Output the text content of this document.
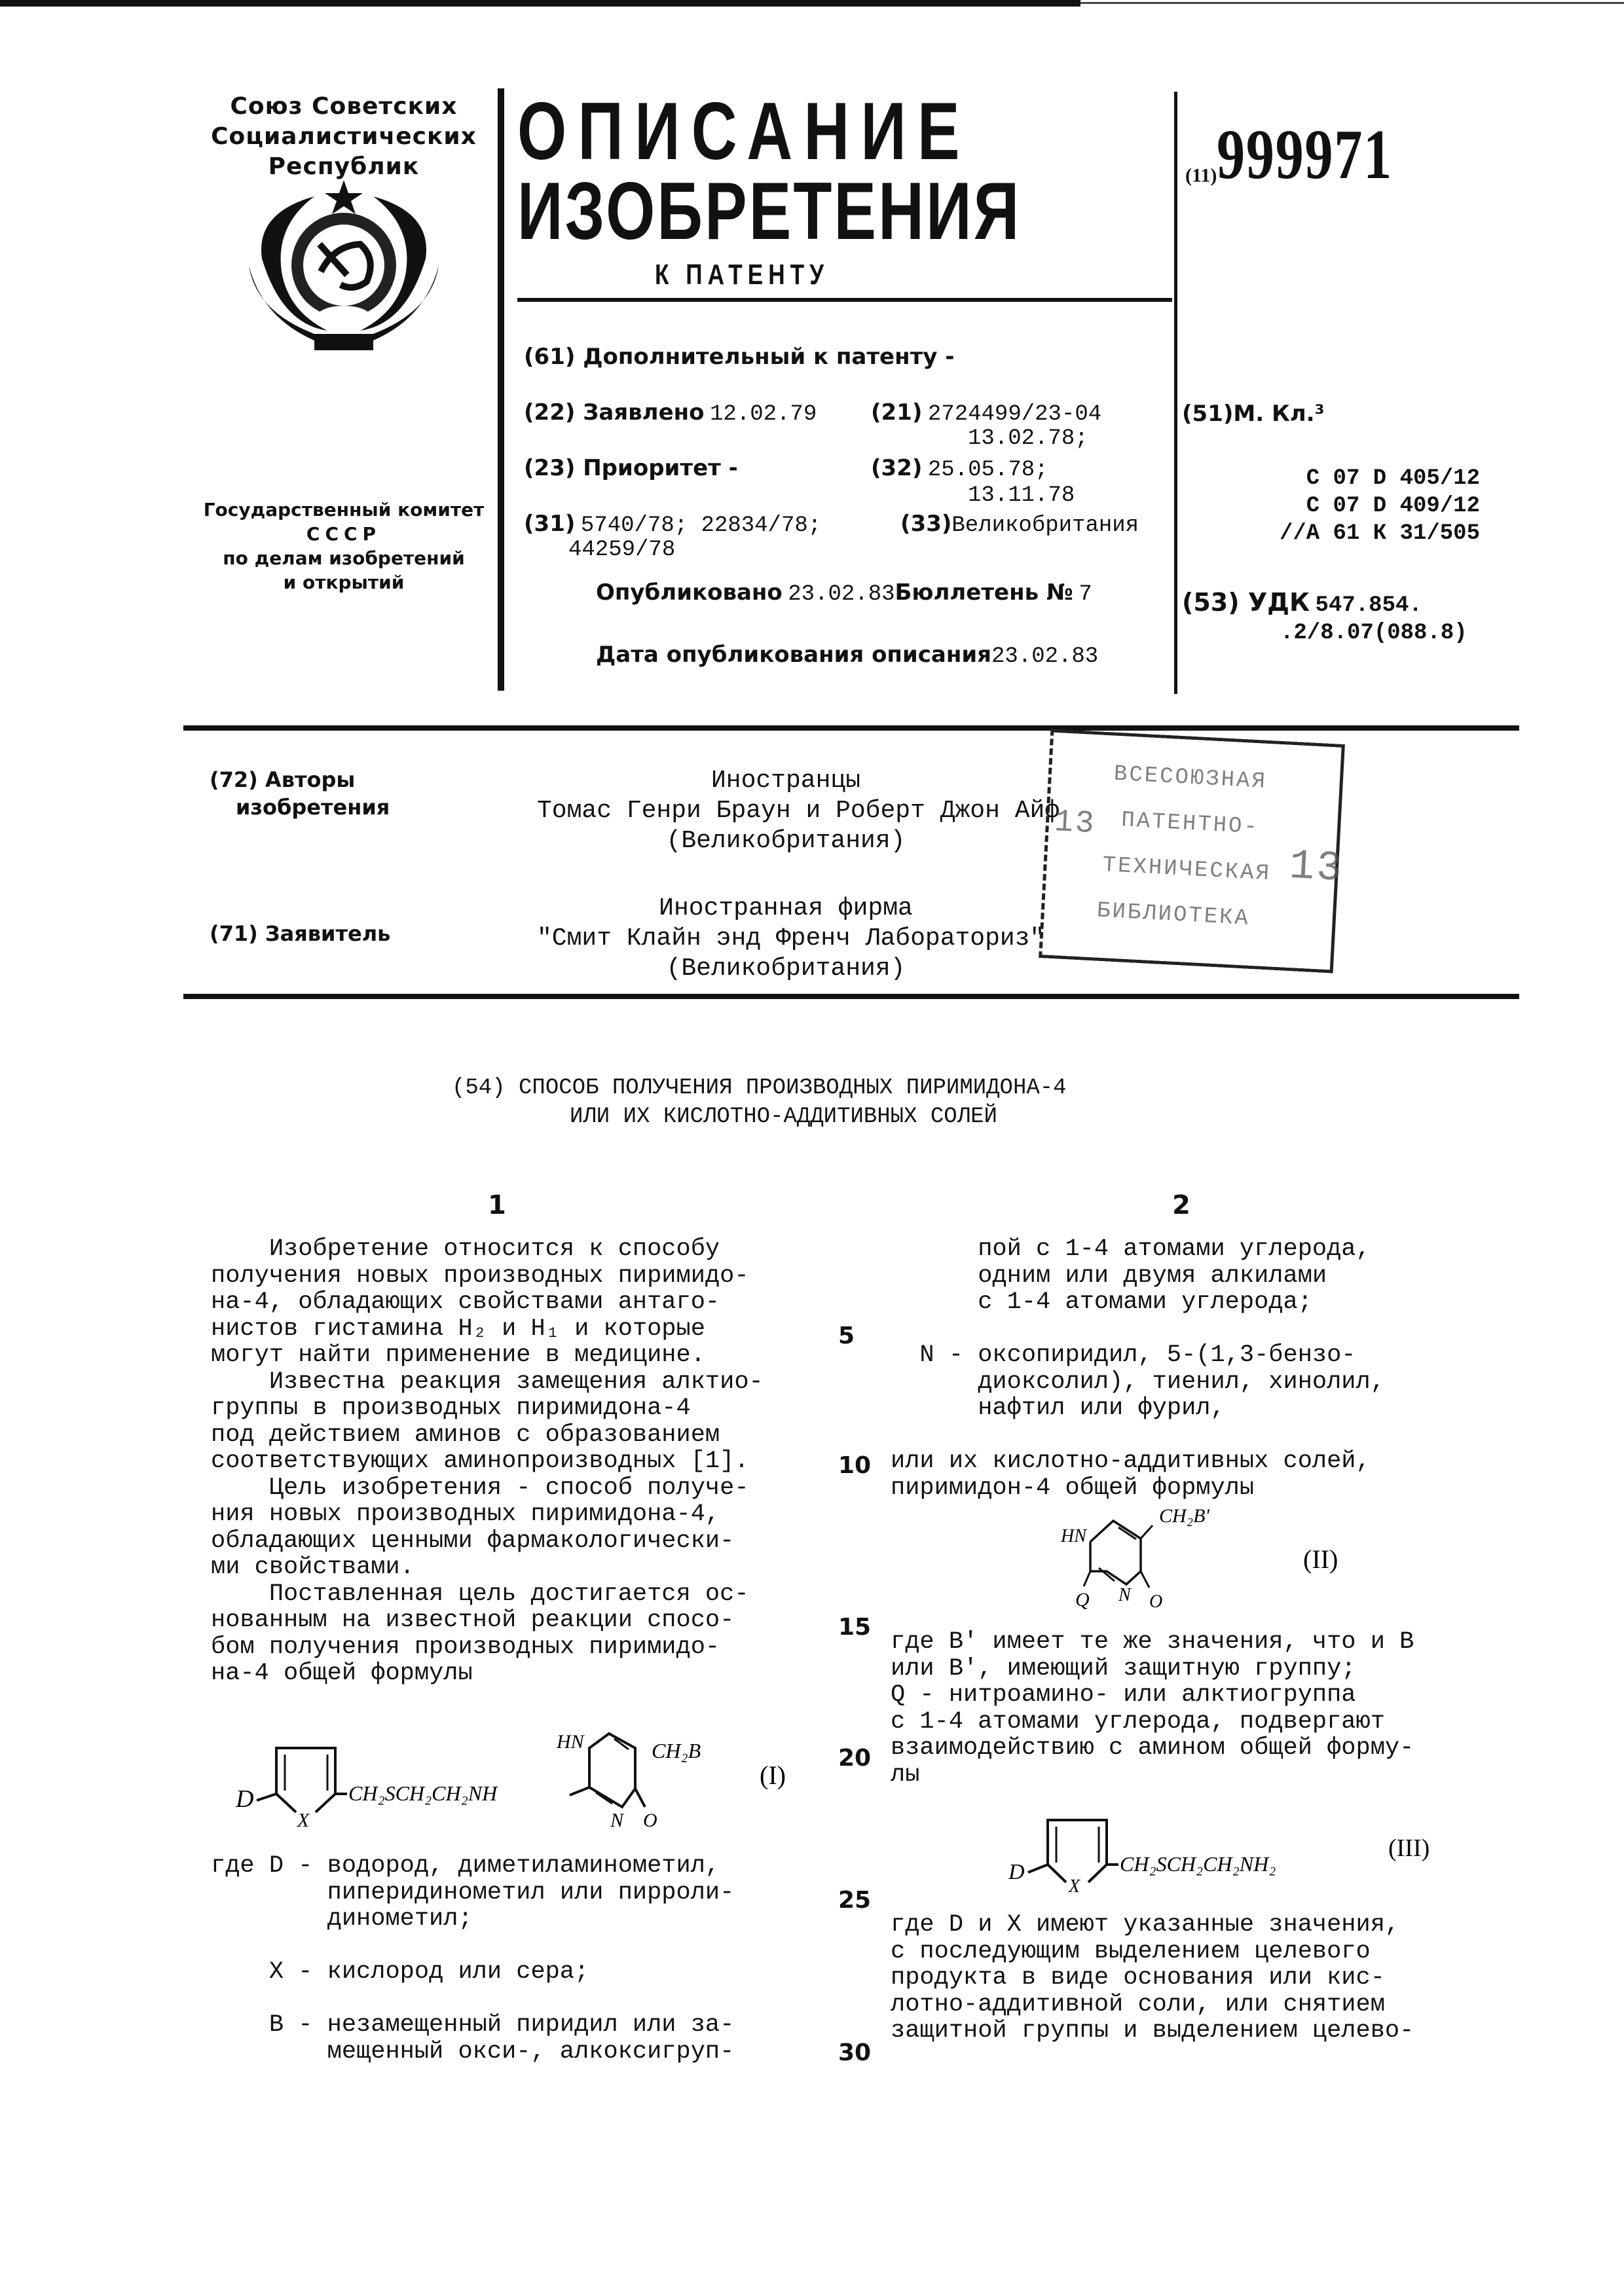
Союз Советских
Социалистических
Республик
Государственный комитет
СССР
по делам изобретений
и открытий
ОПИСАНИЕ
ИЗОБРЕТЕНИЯ
К ПАТЕНТУ
(11)999971
(61) Дополнительный к патенту -
(22) Заявлено 12.02.79 (21) 2724499/23-04
13.02.78;
(23) Приоритет -	(32) 25.05.78;
13.11.78
(31) 5740/78; 22834/78;
44259/78
(33)Великобритания
Опубликовано 23.02.83Бюллетень № 7
Дата опубликования описания23.02.83
(51)М. Кл.³
С 07 D 405/12
С 07 D 409/12
//А 61 К 31/505
(53) УДК 547.854.
.2/8.07(088.8)
(72) Авторы
изобретения
Иностранцы
Томас Генри Браун и Роберт Джон Айф
(Великобритания)
(71) Заявитель
Иностранная фирма
"Смит Клайн энд Френч Лабораториз"
(Великобритания)
ВСЕСОЮЗНАЯ
ПАТЕНТНО-
ТЕХНИЧЕСКАЯ
БИБЛИОТЕКА
13
13
(54) СПОСОБ ПОЛУЧЕНИЯ ПРОИЗВОДНЫХ ПИРИМИДОНА-4
ИЛИ ИХ КИСЛОТНО-АДДИТИВНЫХ СОЛЕЙ
1	2
5
10
15
20
25
30
Изобретение относится к способу
получения новых производных пиримидо-
на-4, обладающих свойствами антаго-
нистов гистамина H₂ и H₁ и которые
могут найти применение в медицине.
Известна реакция замещения алктио-
группы в производных пиримидона-4
под действием аминов с образованием
соответствующих аминопроизводных [1].
Цель изобретения - способ получе-
ния новых производных пиримидона-4,
обладающих ценными фармакологически-
ми свойствами.
Поставленная цель достигается ос-
нованным на известной реакции спосо-
бом получения производных пиримидо-
на-4 общей формулы
D
X
CH₂SCH₂CH₂NH
HN
N O
CH₂B
(I)
где D - водород, диметиламинометил,
пиперидинометил или пирроли-
динометил;

X - кислород или сера;

B - незамещенный пиридил или за-
мещенный окси-, алкоксигруп-
пой с 1-4 атомами углерода,
одним или двумя алкилами
с 1-4 атомами углерода;

N - оксопиридил, 5-(1,3-бензо-
диоксолил), тиенил, хинолил,
нафтил или фурил,

или их кислотно-аддитивных солей,
пиримидон-4 общей формулы
CH₂B'
HN
N
Q	O
(II)
где B' имеет те же значения, что и B
или B', имеющий защитную группу;
Q - нитроамино- или алктиогруппа
с 1-4 атомами углерода, подвергают
взаимодействию с амином общей форму-
лы
D
X
CH₂SCH₂CH₂NH₂
(III)
где D и X имеют указанные значения,
с последующим выделением целевого
продукта в виде основания или кис-
лотно-аддитивной соли, или снятием
защитной группы и выделением целево-
